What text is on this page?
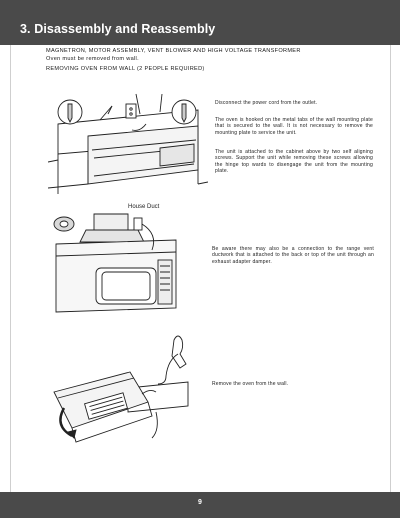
3. Disassembly and Reassembly
MAGNETRON, MOTOR ASSEMBLY, VENT BLOWER AND HIGH VOLTAGE TRANSFORMER
Oven must be removed from wall.
REMOVING OVEN FROM WALL (2 PEOPLE REQUIRED)
Disconnect the power cord from the outlet.
The oven is hooked on the metal tabs of the wall mounting plate that is secured to the wall. It is not necessary to remove the mounting plate to service the unit.
The unit is attached to the cabinet above by two self aligning screws. Support the unit while removing these screws allowing the hinge top wards to disengage the unit from the mounting plate.
House Duct
Be aware there may also be a connection to the range vent ductwork that is attached to the back or top of the unit through an exhaust adapter damper.
Remove the oven from the wall.
9
